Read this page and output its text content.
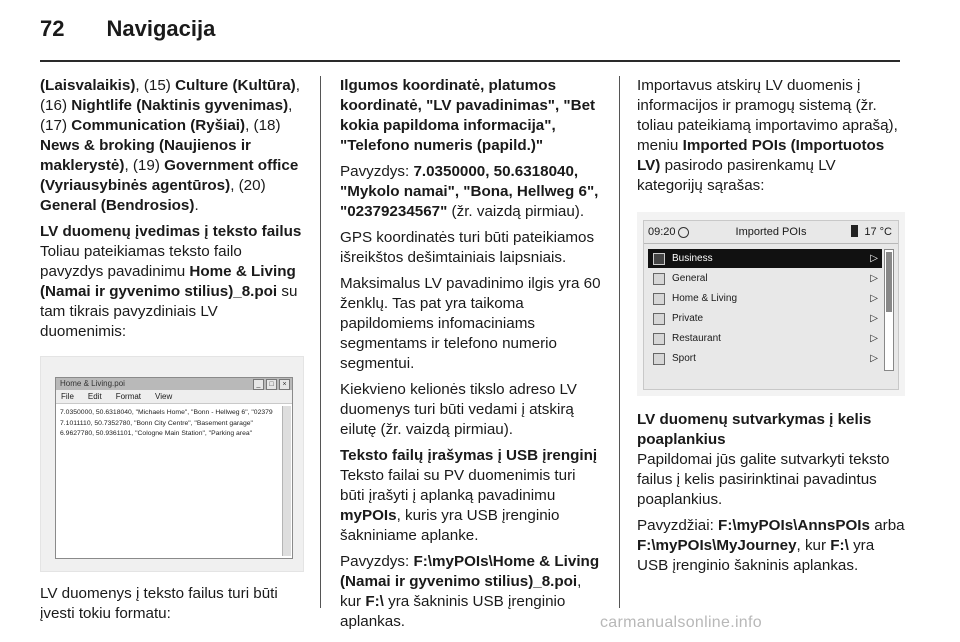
72 Navigacija

(Laisvalaikis), (15) Culture (Kultūra), (16) Nightlife (Naktinis gyvenimas), (17) Communication (Ryšiai), (18) News & broking (Naujienos ir maklerystė), (19) Government office (Vyriausybinės agentūros), (20) General (Bendrosios).

LV duomenų įvedimas į teksto failus

Toliau pateikiamas teksto failo pavyzdys pavadinimu Home & Living (Namai ir gyvenimo stilius)_8.poi su tam tikrais pavyzdiniais LV duomenimis:

Home & Living.poi	_	□	×
File Edit Format View
7.0350000, 50.6318040, "Michaels Home", "Bonn - Hellweg 6", "02379
7.1011110, 50.7352780, "Bonn City Centre", "Basement garage"
6.9627780, 50.9361101, "Cologne Main Station", "Parking area"

LV duomenys į teksto failus turi būti įvesti tokiu formatu:

Ilgumos koordinatė, platumos koordinatė, "LV pavadinimas", "Bet kokia papildoma informacija", "Telefono numeris (papild.)"

Pavyzdys: 7.0350000, 50.6318040, "Mykolo namai", "Bona, Hellweg 6", "02379234567" (žr. vaizdą pirmiau).

GPS koordinatės turi būti pateikiamos išreikštos dešimtainiais laipsniais.

Maksimalus LV pavadinimo ilgis yra 60 ženklų. Tas pat yra taikoma papildomiems infomaciniams segmentams ir telefono numerio segmentui.

Kiekvieno kelionės tikslo adreso LV duomenys turi būti vedami į atskirą eilutę (žr. vaizdą pirmiau).

Teksto failų įrašymas į USB įrenginį

Teksto failai su PV duomenimis turi būti įrašyti į aplanką pavadinimu myPOIs, kuris yra USB įrenginio šakniniame aplanke.

Pavyzdys: F:\myPOIs\Home & Living (Namai ir gyvenimo stilius)_8.poi, kur F:\ yra šakninis USB įrenginio aplankas.

Importavus atskirų LV duomenis į informacijos ir pramogų sistemą (žr. toliau pateikiamą importavimo aprašą), meniu Imported POIs (Importuotos LV) pasirodo pasirenkamų LV kategorijų sąrašas:

09:20	Imported POIs	17 °C
Business	▷
General	▷
Home & Living	▷
Private	▷
Restaurant	▷
Sport	▷
LV duomenų sutvarkymas į kelis poaplankius

Papildomai jūs galite sutvarkyti teksto failus į kelis pasirinktinai pavadintus poaplankius.

Pavyzdžiai: F:\myPOIs\AnnsPOIs arba F:\myPOIs\MyJourney, kur F:\ yra USB įrenginio šakninis aplankas.

carmanualsonline.info
